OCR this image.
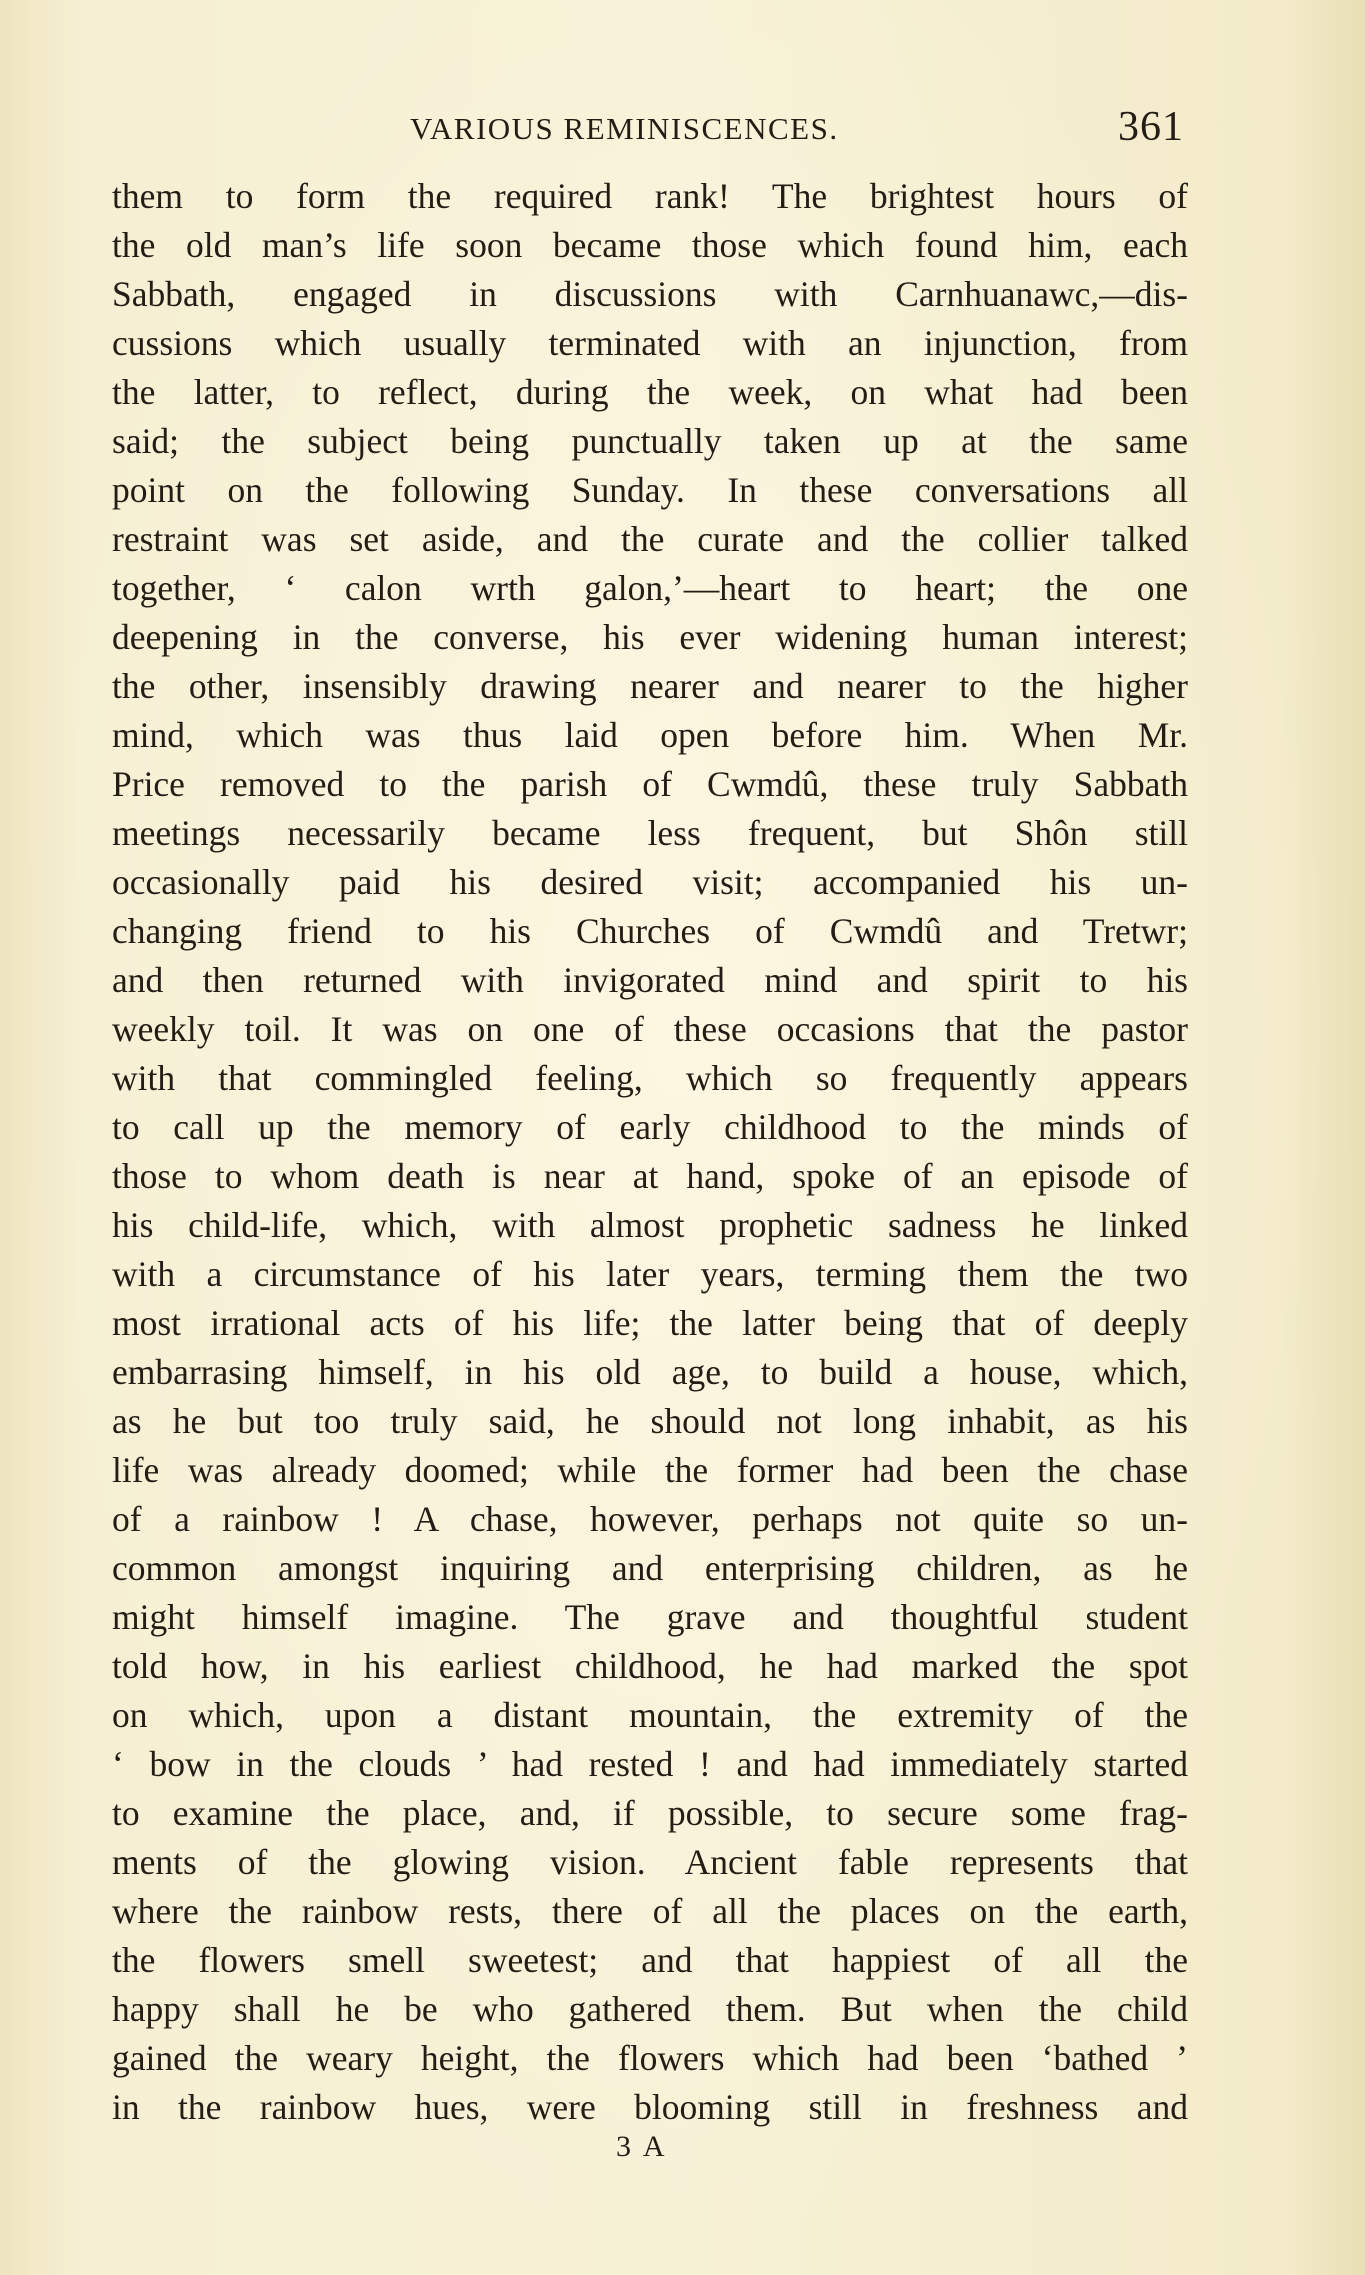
VARIOUS REMINISCENCES.	361
them to form the required rank! The brightest hours of
the old man’s life soon became those which found him, each
Sabbath, engaged in discussions with Carnhuanawc,—dis-
cussions which usually terminated with an injunction, from
the latter, to reflect, during the week, on what had been
said; the subject being punctually taken up at the same
point on the following Sunday. In these conversations all
restraint was set aside, and the curate and the collier talked
together, ‘ calon wrth galon,’—heart to heart; the one
deepening in the converse, his ever widening human interest;
the other, insensibly drawing nearer and nearer to the higher
mind, which was thus laid open before him. When Mr.
Price removed to the parish of Cwmdû, these truly Sabbath
meetings necessarily became less frequent, but Shôn still
occasionally paid his desired visit; accompanied his un-
changing friend to his Churches of Cwmdû and Tretwr;
and then returned with invigorated mind and spirit to his
weekly toil. It was on one of these occasions that the pastor
with that commingled feeling, which so frequently appears
to call up the memory of early childhood to the minds of
those to whom death is near at hand, spoke of an episode of
his child-life, which, with almost prophetic sadness he linked
with a circumstance of his later years, terming them the two
most irrational acts of his life; the latter being that of deeply
embarrasing himself, in his old age, to build a house, which,
as he but too truly said, he should not long inhabit, as his
life was already doomed; while the former had been the chase
of a rainbow ! A chase, however, perhaps not quite so un-
common amongst inquiring and enterprising children, as he
might himself imagine. The grave and thoughtful student
told how, in his earliest childhood, he had marked the spot
on which, upon a distant mountain, the extremity of the
‘ bow in the clouds ’ had rested ! and had immediately started
to examine the place, and, if possible, to secure some frag-
ments of the glowing vision. Ancient fable represents that
where the rainbow rests, there of all the places on the earth,
the flowers smell sweetest; and that happiest of all the
happy shall he be who gathered them. But when the child
gained the weary height, the flowers which had been ‘bathed ’
in the rainbow hues, were blooming still in freshness and
3 A
